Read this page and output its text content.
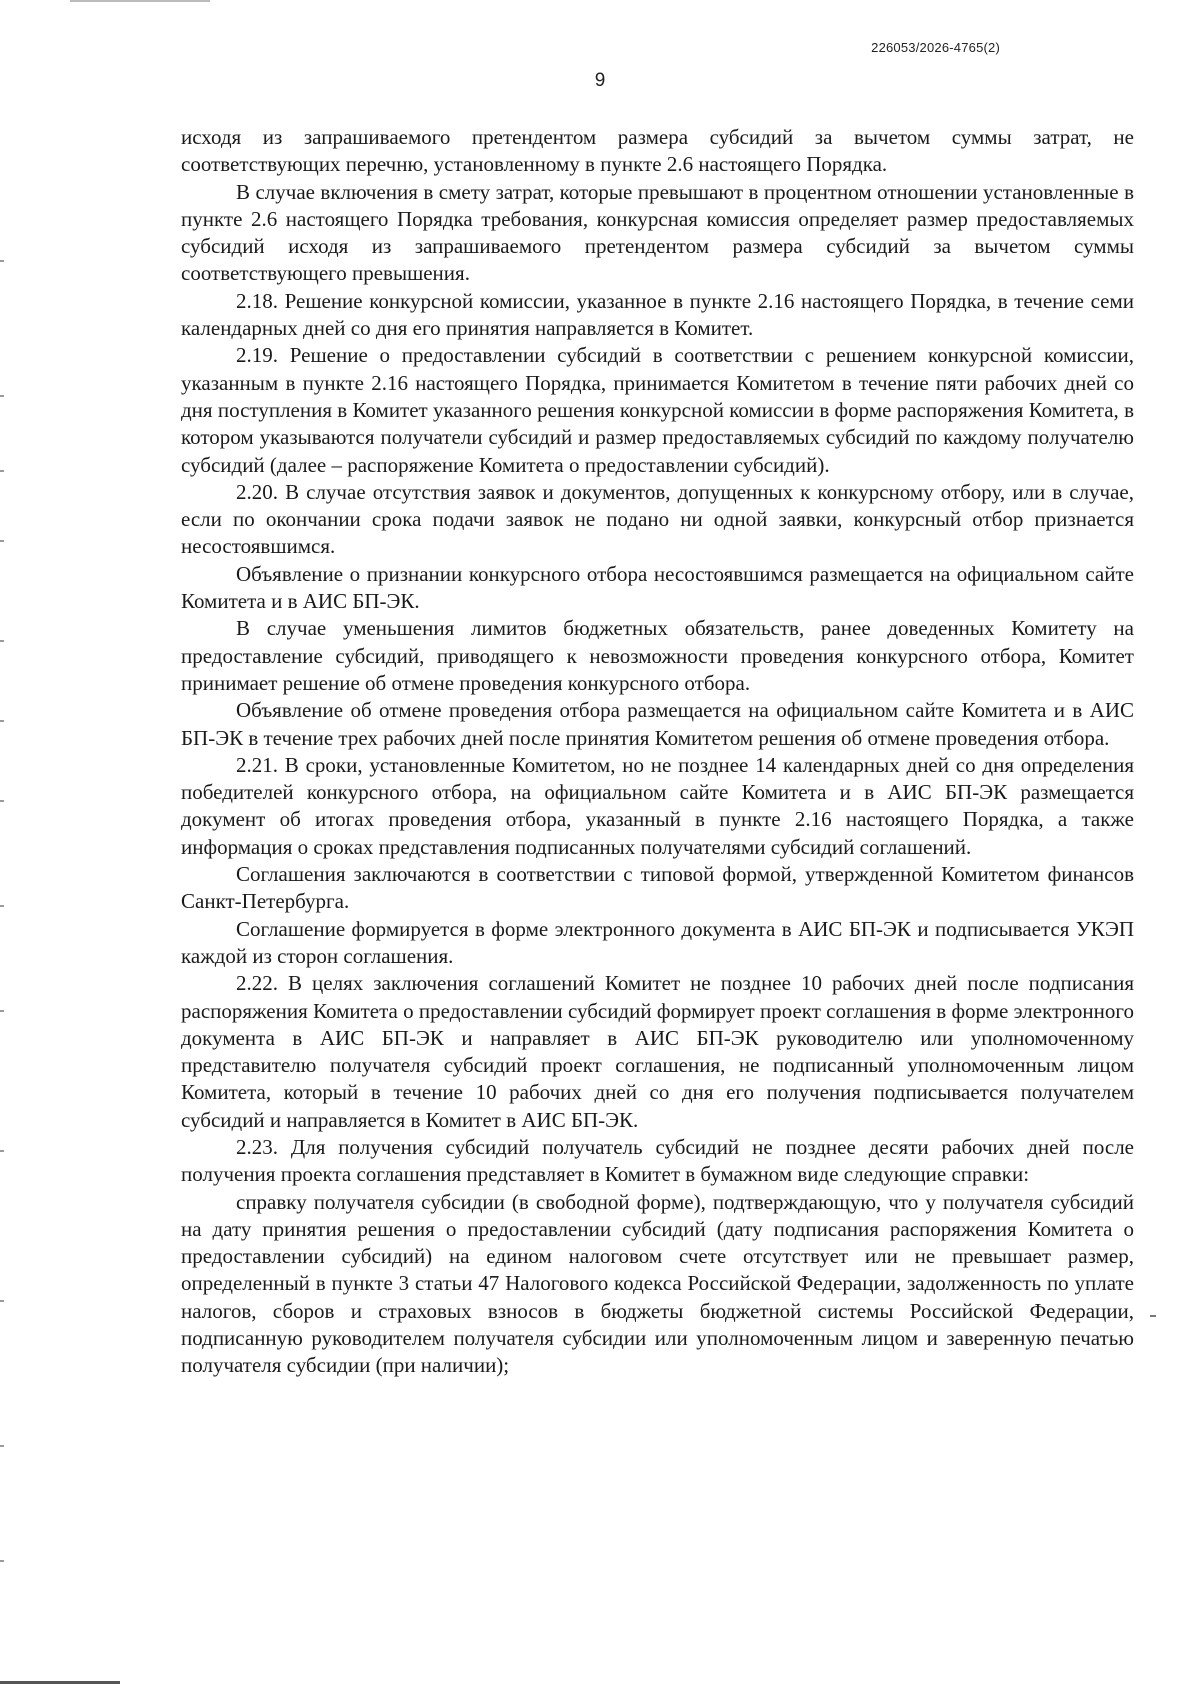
226053/2026-4765(2)
9

исходя из запрашиваемого претендентом размера субсидий за вычетом суммы затрат, не соответствующих перечню, установленному в пункте 2.6 настоящего Порядка.

В случае включения в смету затрат, которые превышают в процентном отношении установленные в пункте 2.6 настоящего Порядка требования, конкурсная комиссия определяет размер предоставляемых субсидий исходя из запрашиваемого претендентом размера субсидий за вычетом суммы соответствующего превышения.

2.18. Решение конкурсной комиссии, указанное в пункте 2.16 настоящего Порядка, в течение семи календарных дней со дня его принятия направляется в Комитет.

2.19. Решение о предоставлении субсидий в соответствии с решением конкурсной комиссии, указанным в пункте 2.16 настоящего Порядка, принимается Комитетом в течение пяти рабочих дней со дня поступления в Комитет указанного решения конкурсной комиссии в форме распоряжения Комитета, в котором указываются получатели субсидий и размер предоставляемых субсидий по каждому получателю субсидий (далее – распоряжение Комитета о предоставлении субсидий).

2.20. В случае отсутствия заявок и документов, допущенных к конкурсному отбору, или в случае, если по окончании срока подачи заявок не подано ни одной заявки, конкурсный отбор признается несостоявшимся.

Объявление о признании конкурсного отбора несостоявшимся размещается на официальном сайте Комитета и в АИС БП-ЭК.

В случае уменьшения лимитов бюджетных обязательств, ранее доведенных Комитету на предоставление субсидий, приводящего к невозможности проведения конкурсного отбора, Комитет принимает решение об отмене проведения конкурсного отбора.

Объявление об отмене проведения отбора размещается на официальном сайте Комитета и в АИС БП-ЭК в течение трех рабочих дней после принятия Комитетом решения об отмене проведения отбора.

2.21. В сроки, установленные Комитетом, но не позднее 14 календарных дней со дня определения победителей конкурсного отбора, на официальном сайте Комитета и в АИС БП-ЭК размещается документ об итогах проведения отбора, указанный в пункте 2.16 настоящего Порядка, а также информация о сроках представления подписанных получателями субсидий соглашений.

Соглашения заключаются в соответствии с типовой формой, утвержденной Комитетом финансов Санкт-Петербурга.

Соглашение формируется в форме электронного документа в АИС БП-ЭК и подписывается УКЭП каждой из сторон соглашения.

2.22. В целях заключения соглашений Комитет не позднее 10 рабочих дней после подписания распоряжения Комитета о предоставлении субсидий формирует проект соглашения в форме электронного документа в АИС БП-ЭК и направляет в АИС БП-ЭК руководителю или уполномоченному представителю получателя субсидий проект соглашения, не подписанный уполномоченным лицом Комитета, который в течение 10 рабочих дней со дня его получения подписывается получателем субсидий и направляется в Комитет в АИС БП-ЭК.

2.23. Для получения субсидий получатель субсидий не позднее десяти рабочих дней после получения проекта соглашения представляет в Комитет в бумажном виде следующие справки:

справку получателя субсидии (в свободной форме), подтверждающую, что у получателя субсидий на дату принятия решения о предоставлении субсидий (дату подписания распоряжения Комитета о предоставлении субсидий) на едином налоговом счете отсутствует или не превышает размер, определенный в пункте 3 статьи 47 Налогового кодекса Российской Федерации, задолженность по уплате налогов, сборов и страховых взносов в бюджеты бюджетной системы Российской Федерации, подписанную руководителем получателя субсидии или уполномоченным лицом и заверенную печатью получателя субсидии (при наличии);
